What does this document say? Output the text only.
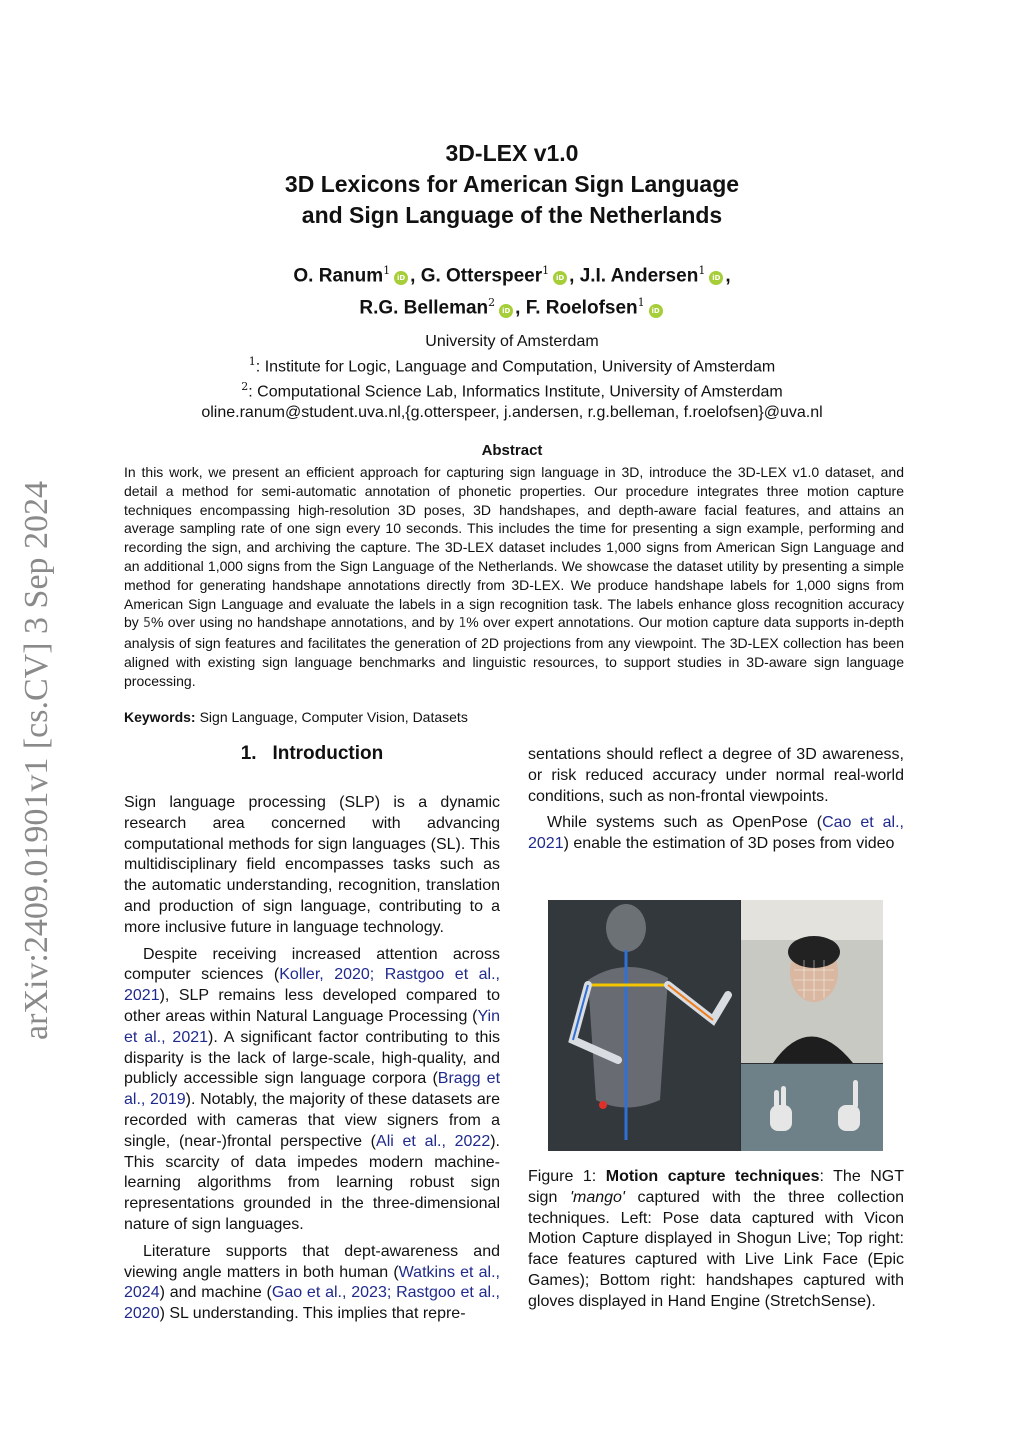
arXiv:2409.01901v1 [cs.CV] 3 Sep 2024
3D-LEX v1.0
3D Lexicons for American Sign Language
and Sign Language of the Netherlands
O. Ranum$^1$iD , G. Otterspeer$^1$iD , J.I. Andersen$^1$iD ,
R.G. Belleman$^2$iD , F. Roelofsen$^1$iD
University of Amsterdam
$^1$: Institute for Logic, Language and Computation, University of Amsterdam
$^2$: Computational Science Lab, Informatics Institute, University of Amsterdam
oline.ranum@student.uva.nl,{g.otterspeer, j.andersen, r.g.belleman, f.roelofsen}@uva.nl
Abstract
In this work, we present an efficient approach for capturing sign language in 3D, introduce the 3D-LEX v1.0 dataset, and detail a method for semi-automatic annotation of phonetic properties. Our procedure integrates three motion capture techniques encompassing high-resolution 3D poses, 3D handshapes, and depth-aware facial features, and attains an average sampling rate of one sign every 10 seconds. This includes the time for presenting a sign example, performing and recording the sign, and archiving the capture. The 3D-LEX dataset includes 1,000 signs from American Sign Language and an additional 1,000 signs from the Sign Language of the Netherlands. We showcase the dataset utility by presenting a simple method for generating handshape annotations directly from 3D-LEX. We produce handshape labels for 1,000 signs from American Sign Language and evaluate the labels in a sign recognition task. The labels enhance gloss recognition accuracy by 5% over using no handshape annotations, and by 1% over expert annotations. Our motion capture data supports in-depth analysis of sign features and facilitates the generation of 2D projections from any viewpoint. The 3D-LEX collection has been aligned with existing sign language benchmarks and linguistic resources, to support studies in 3D-aware sign language processing.
Keywords: Sign Language, Computer Vision, Datasets
1. Introduction

Sign language processing (SLP) is a dynamic research area concerned with advancing computational methods for sign languages (SL). This multidisciplinary field encompasses tasks such as the automatic understanding, recognition, translation and production of sign language, contributing to a more inclusive future in language technology.

Despite receiving increased attention across computer sciences (Koller, 2020; Rastgoo et al., 2021), SLP remains less developed compared to other areas within Natural Language Processing (Yin et al., 2021). A significant factor contributing to this disparity is the lack of large-scale, high-quality, and publicly accessible sign language corpora (Bragg et al., 2019). Notably, the majority of these datasets are recorded with cameras that view signers from a single, (near-)frontal perspective (Ali et al., 2022). This scarcity of data impedes modern machine-learning algorithms from learning robust sign representations grounded in the three-dimensional nature of sign languages.

Literature supports that dept-awareness and viewing angle matters in both human (Watkins et al., 2024) and machine (Gao et al., 2023; Rastgoo et al., 2020) SL understanding. This implies that repre-

sentations should reflect a degree of 3D awareness, or risk reduced accuracy under normal real-world conditions, such as non-frontal viewpoints.

While systems such as OpenPose (Cao et al., 2021) enable the estimation of 3D poses from video

Figure 1: Motion capture techniques: The NGT sign 'mango' captured with the three collection techniques. Left: Pose data captured with Vicon Motion Capture displayed in Shogun Live; Top right: face features captured with Live Link Face (Epic Games); Bottom right: handshapes captured with gloves displayed in Hand Engine (StretchSense).
